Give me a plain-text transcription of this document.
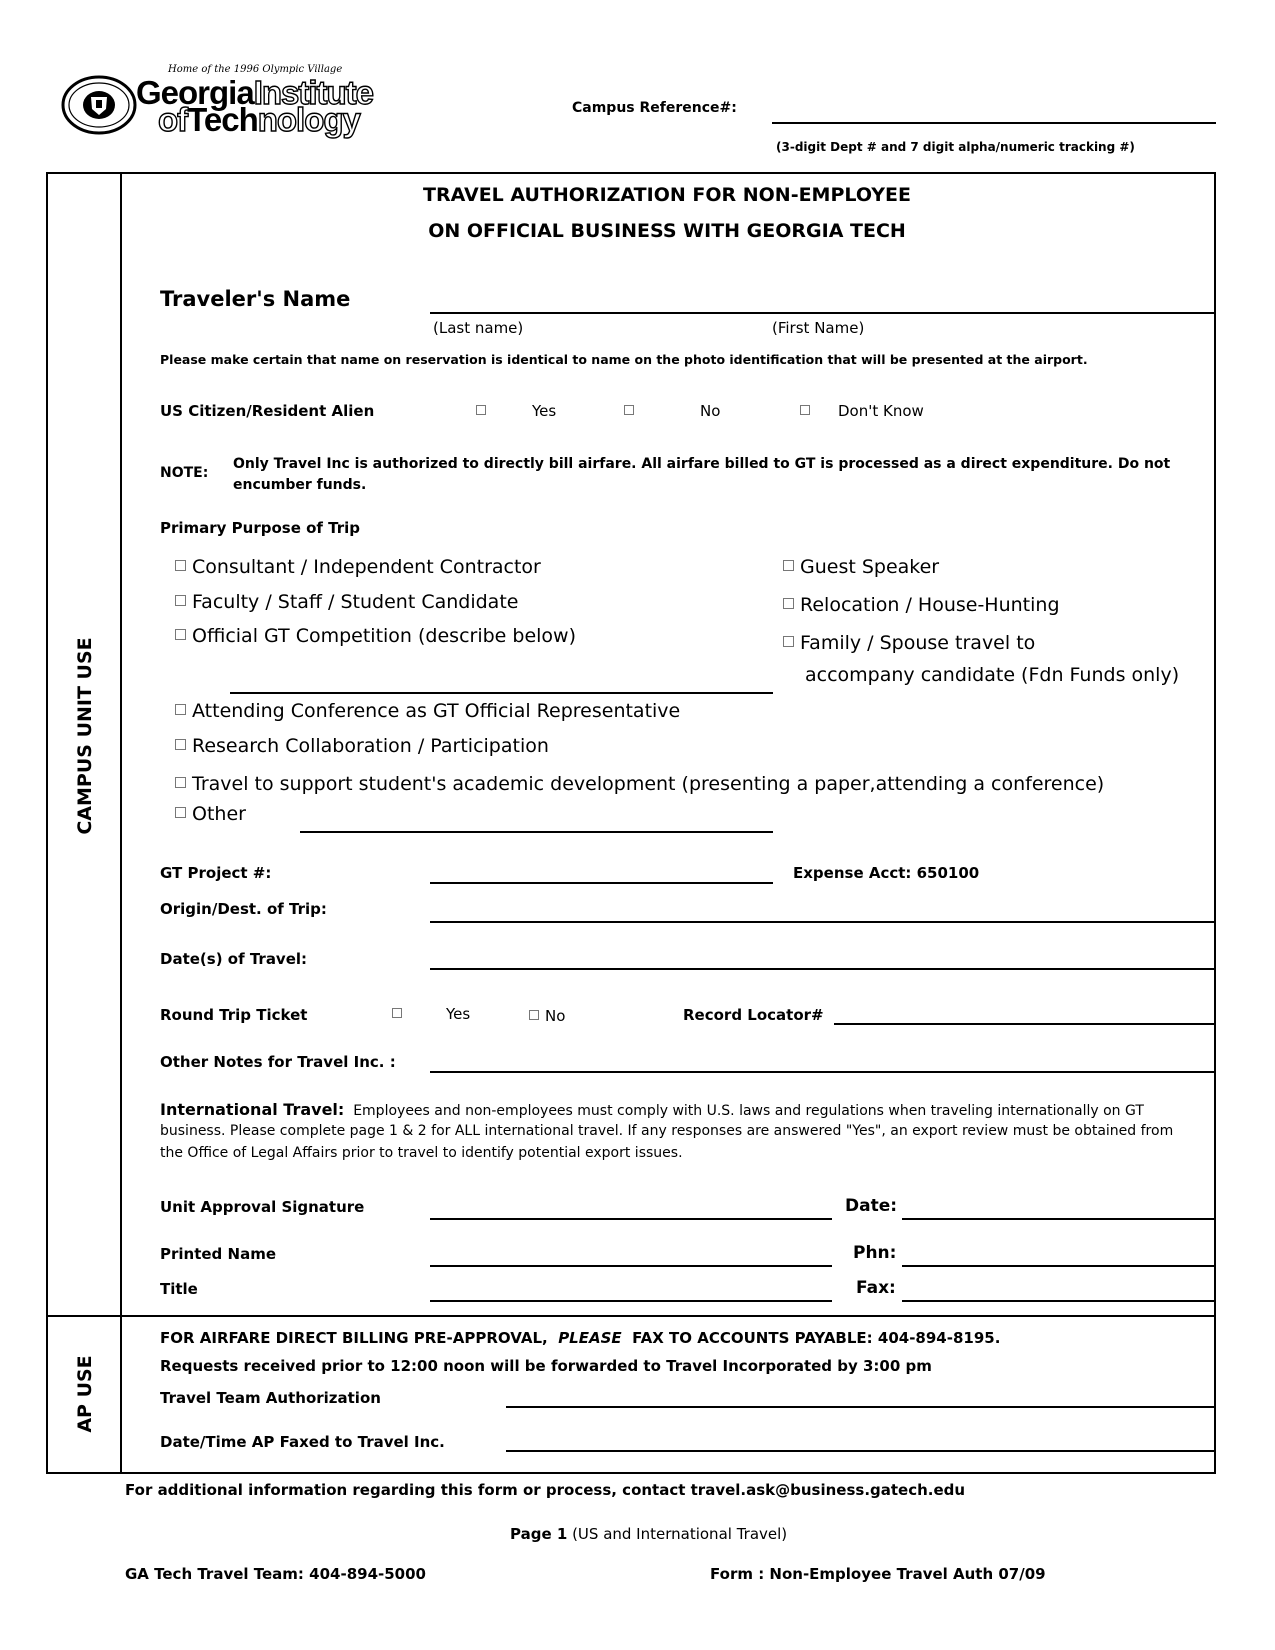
Home of the 1996 Olympic Village
GeorgiaInstitute
ofTechnology	Campus Reference#:
(3-digit Dept # and 7 digit alpha/numeric tracking #)
CAMPUS UNIT USE
AP USE
TRAVEL AUTHORIZATION FOR NON-EMPLOYEE
ON OFFICIAL BUSINESS WITH GEORGIA TECH
Traveler's Name
(Last name)	(First Name)
Please make certain that name on reservation is identical to name on the photo identification that will be presented at the airport.
US Citizen/Resident Alien	Yes	No	Don't Know
NOTE:
Only Travel Inc is authorized to directly bill airfare. All airfare billed to GT is processed as a direct expenditure. Do not
encumber funds.
Primary Purpose of Trip
Consultant / Independent Contractor
Faculty / Staff / Student Candidate
Official GT Competition (describe below)
Guest Speaker
Relocation / House-Hunting
Family / Spouse travel to
accompany candidate (Fdn Funds only)
Attending Conference as GT Official Representative
Research Collaboration / Participation
Travel to support student's academic development (presenting a paper,attending a conference)
Other
GT Project #:	Expense Acct: 650100
Origin/Dest. of Trip:
Date(s) of Travel:
Round Trip Ticket	Yes	No	Record Locator#
Other Notes for Travel Inc. :
International Travel: Employees and non-employees must comply with U.S. laws and regulations when traveling internationally on GT
business. Please complete page 1 & 2 for ALL international travel. If any responses are answered "Yes", an export review must be obtained from
the Office of Legal Affairs prior to travel to identify potential export issues.
Unit Approval Signature	Date:
Printed Name	Phn:
Title	Fax:
FOR AIRFARE DIRECT BILLING PRE-APPROVAL, PLEASE FAX TO ACCOUNTS PAYABLE: 404-894-8195.
Requests received prior to 12:00 noon will be forwarded to Travel Incorporated by 3:00 pm
Travel Team Authorization
Date/Time AP Faxed to Travel Inc.
For additional information regarding this form or process, contact travel.ask@business.gatech.edu
Page 1 (US and International Travel)
GA Tech Travel Team: 404-894-5000	Form : Non-Employee Travel Auth 07/09
